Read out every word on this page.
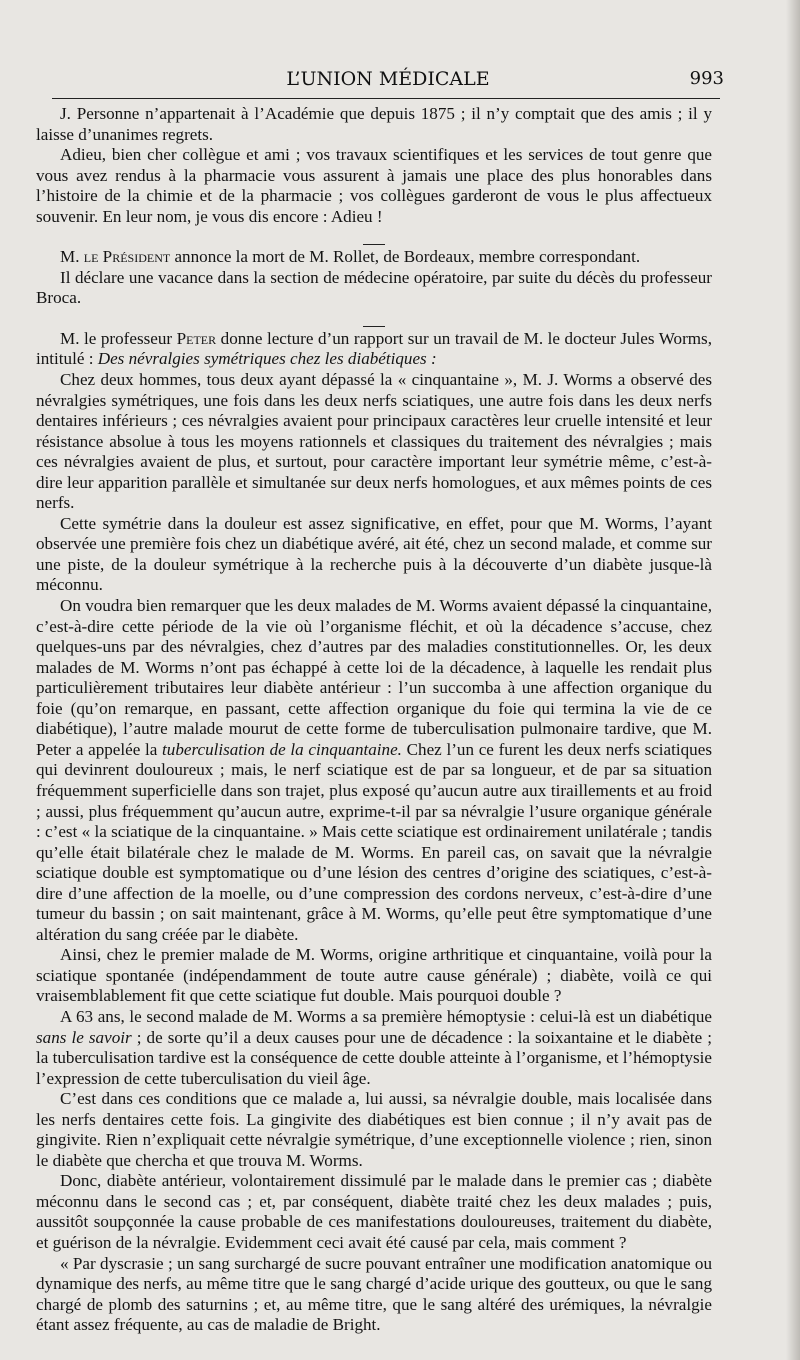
L’UNION MÉDICALE	993

J. Personne n’appartenait à l’Académie que depuis 1875 ; il n’y comptait que des amis ; il y laisse d’unanimes regrets.

Adieu, bien cher collègue et ami ; vos travaux scientifiques et les services de tout genre que vous avez rendus à la pharmacie vous assurent à jamais une place des plus honorables dans l’histoire de la chimie et de la pharmacie ; vos collègues garderont de vous le plus affectueux souvenir. En leur nom, je vous dis encore : Adieu !

M. le Président annonce la mort de M. Rollet, de Bordeaux, membre correspondant.

Il déclare une vacance dans la section de médecine opératoire, par suite du décès du professeur Broca.

M. le professeur Peter donne lecture d’un rapport sur un travail de M. le docteur Jules Worms, intitulé : Des névralgies symétriques chez les diabétiques :

Chez deux hommes, tous deux ayant dépassé la « cinquantaine », M. J. Worms a observé des névralgies symétriques, une fois dans les deux nerfs sciatiques, une autre fois dans les deux nerfs dentaires inférieurs ; ces névralgies avaient pour principaux caractères leur cruelle intensité et leur résistance absolue à tous les moyens rationnels et classiques du traitement des névralgies ; mais ces névralgies avaient de plus, et surtout, pour caractère important leur symétrie même, c’est-à-dire leur apparition parallèle et simultanée sur deux nerfs homologues, et aux mêmes points de ces nerfs.

Cette symétrie dans la douleur est assez significative, en effet, pour que M. Worms, l’ayant observée une première fois chez un diabétique avéré, ait été, chez un second malade, et comme sur une piste, de la douleur symétrique à la recherche puis à la découverte d’un diabète jusque-là méconnu.

On voudra bien remarquer que les deux malades de M. Worms avaient dépassé la cinquantaine, c’est-à-dire cette période de la vie où l’organisme fléchit, et où la décadence s’accuse, chez quelques-uns par des névralgies, chez d’autres par des maladies constitutionnelles. Or, les deux malades de M. Worms n’ont pas échappé à cette loi de la décadence, à laquelle les rendait plus particulièrement tributaires leur diabète antérieur : l’un succomba à une affection organique du foie (qu’on remarque, en passant, cette affection organique du foie qui termina la vie de ce diabétique), l’autre malade mourut de cette forme de tuberculisation pulmonaire tardive, que M. Peter a appelée la tuberculisation de la cinquantaine. Chez l’un ce furent les deux nerfs sciatiques qui devinrent douloureux ; mais, le nerf sciatique est de par sa longueur, et de par sa situation fréquemment superficielle dans son trajet, plus exposé qu’aucun autre aux tiraillements et au froid ; aussi, plus fréquemment qu’aucun autre, exprime-t-il par sa névralgie l’usure organique générale : c’est « la sciatique de la cinquantaine. » Mais cette sciatique est ordinairement unilatérale ; tandis qu’elle était bilatérale chez le malade de M. Worms. En pareil cas, on savait que la névralgie sciatique double est symptomatique ou d’une lésion des centres d’origine des sciatiques, c’est-à-dire d’une affection de la moelle, ou d’une compression des cordons nerveux, c’est-à-dire d’une tumeur du bassin ; on sait maintenant, grâce à M. Worms, qu’elle peut être symptomatique d’une altération du sang créée par le diabète.

Ainsi, chez le premier malade de M. Worms, origine arthritique et cinquantaine, voilà pour la sciatique spontanée (indépendamment de toute autre cause générale) ; diabète, voilà ce qui vraisemblablement fit que cette sciatique fut double. Mais pourquoi double ?

A 63 ans, le second malade de M. Worms a sa première hémoptysie : celui-là est un diabétique sans le savoir ; de sorte qu’il a deux causes pour une de décadence : la soixantaine et le diabète ; la tuberculisation tardive est la conséquence de cette double atteinte à l’organisme, et l’hémoptysie l’expression de cette tuberculisation du vieil âge.

C’est dans ces conditions que ce malade a, lui aussi, sa névralgie double, mais localisée dans les nerfs dentaires cette fois. La gingivite des diabétiques est bien connue ; il n’y avait pas de gingivite. Rien n’expliquait cette névralgie symétrique, d’une exceptionnelle violence ; rien, sinon le diabète que chercha et que trouva M. Worms.

Donc, diabète antérieur, volontairement dissimulé par le malade dans le premier cas ; diabète méconnu dans le second cas ; et, par conséquent, diabète traité chez les deux malades ; puis, aussitôt soupçonnée la cause probable de ces manifestations douloureuses, traitement du diabète, et guérison de la névralgie. Evidemment ceci avait été causé par cela, mais comment ?

« Par dyscrasie ; un sang surchargé de sucre pouvant entraîner une modification anatomique ou dynamique des nerfs, au même titre que le sang chargé d’acide urique des goutteux, ou que le sang chargé de plomb des saturnins ; et, au même titre, que le sang altéré des urémiques, la névralgie étant assez fréquente, au cas de maladie de Bright.
